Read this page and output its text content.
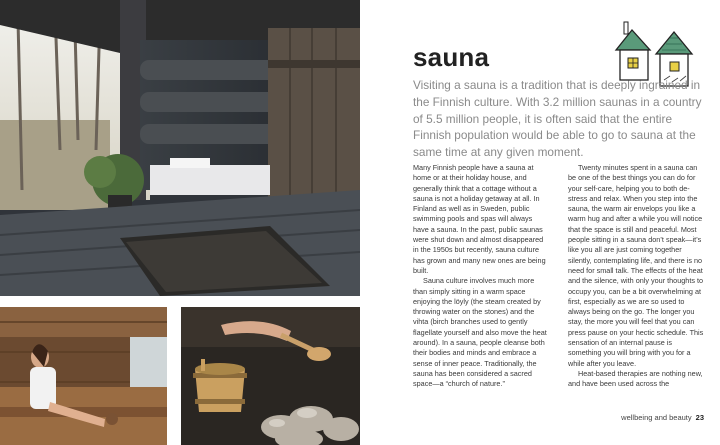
sauna

Visiting a sauna is a tradition that is deeply ingrained in the Finnish culture. With 3.2 million saunas in a country of 5.5 million people, it is often said that the entire Finnish population would be able to go to sauna at the same time at any given moment.

Many Finnish people have a sauna at home or at their holiday house, and generally think that a cottage without a sauna is not a holiday getaway at all. In Finland as well as in Sweden, public swimming pools and spas will always have a sauna. In the past, public saunas were shut down and almost disappeared in the 1950s but recently, sauna culture has grown and many new ones are being built.

Sauna culture involves much more than simply sitting in a warm space enjoying the löyly (the steam created by throwing water on the stones) and the vihta (birch branches used to gently flagellate yourself and also move the heat around). In a sauna, people cleanse both their bodies and minds and embrace a sense of inner peace. Traditionally, the sauna has been considered a sacred space—a “church of nature.”

Twenty minutes spent in a sauna can be one of the best things you can do for your self-care, helping you to both de-stress and relax. When you step into the sauna, the warm air envelops you like a warm hug and after a while you will notice that the space is still and peaceful. Most people sitting in a sauna don’t speak—it’s like you all are just coming together silently, contemplating life, and there is no need for small talk. The effects of the heat and the silence, with only your thoughts to occupy you, can be a bit overwhelming at first, especially as we are so used to always being on the go. The longer you stay, the more you will feel that you can press pause on your hectic schedule. This sensation of an internal pause is something you will bring with you for a while after you leave.

Heat-based therapies are nothing new, and have been used across the

wellbeing and beauty 23
